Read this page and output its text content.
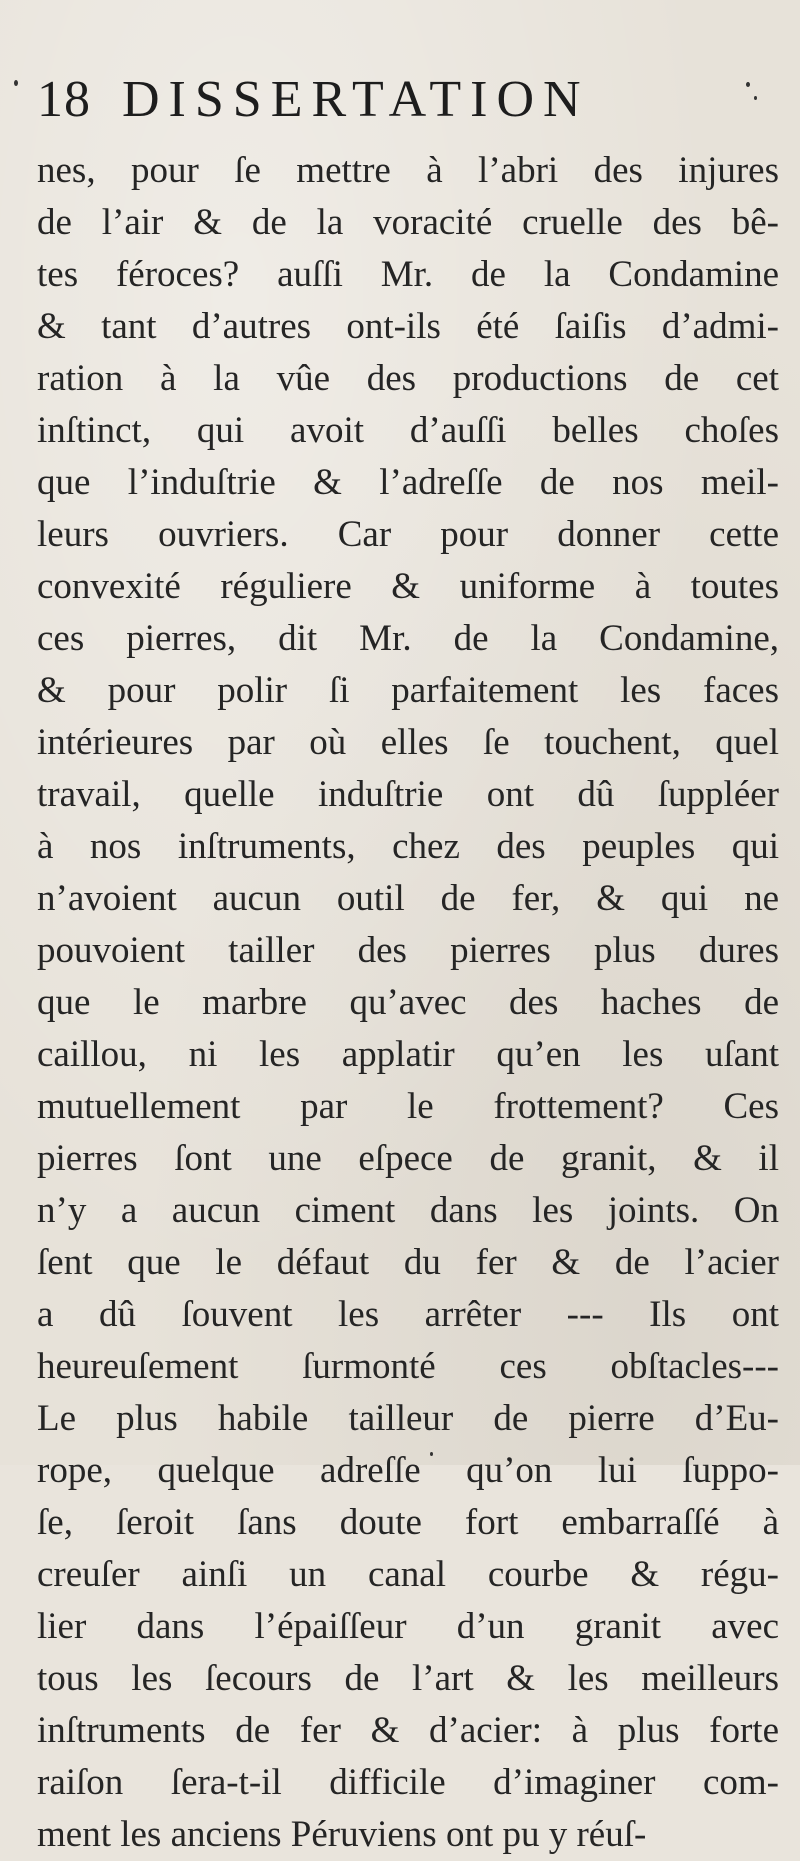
18 DISSERTATION
nes, pour ſe mettre à l’abri des injures
de l’air & de la voracité cruelle des bê-
tes féroces? auſſi Mr. de la Condamine
& tant d’autres ont-ils été ſaiſis d’admi-
ration à la vûe des productions de cet
inſtinct, qui avoit d’auſſi belles choſes
que l’induſtrie & l’adreſſe de nos meil-
leurs ouvriers. Car pour donner cette
convexité réguliere & uniforme à toutes
ces pierres, dit Mr. de la Condamine,
& pour polir ſi parfaitement les faces
intérieures par où elles ſe touchent, quel
travail, quelle induſtrie ont dû ſuppléer
à nos inſtruments, chez des peuples qui
n’avoient aucun outil de fer, & qui ne
pouvoient tailler des pierres plus dures
que le marbre qu’avec des haches de
caillou, ni les applatir qu’en les uſant
mutuellement par le frottement? Ces
pierres ſont une eſpece de granit, & il
n’y a aucun ciment dans les joints. On
ſent que le défaut du fer & de l’acier
a dû ſouvent les arrêter --- Ils ont
heureuſement ſurmonté ces obſtacles---
Le plus habile tailleur de pierre d’Eu-
rope, quelque adreſſe qu’on lui ſuppo-
ſe, ſeroit ſans doute fort embarraſſé à
creuſer ainſi un canal courbe & régu-
lier dans l’épaiſſeur d’un granit avec
tous les ſecours de l’art & les meilleurs
inſtruments de fer & d’acier: à plus forte
raiſon ſera-t-il difficile d’imaginer com-
ment les anciens Péruviens ont pu y réuſ-
